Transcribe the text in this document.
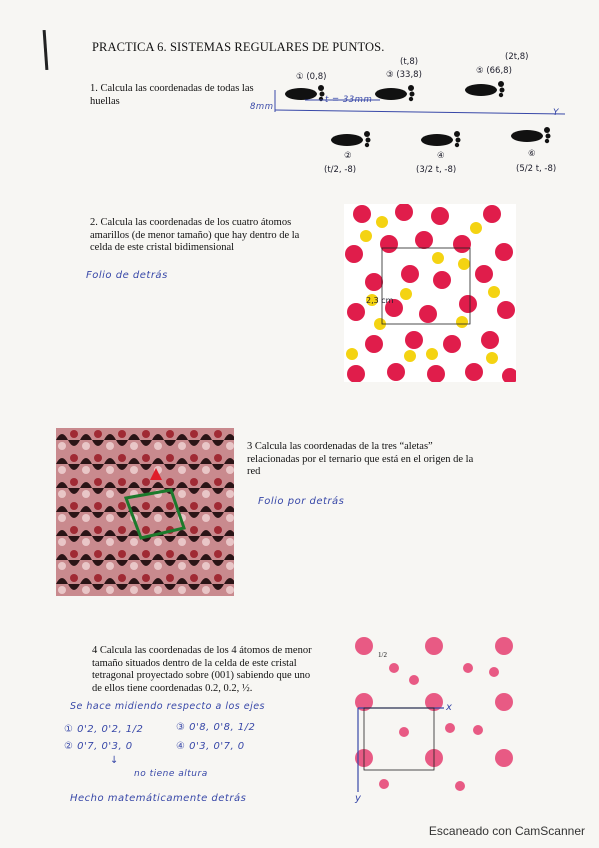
PRACTICA 6. SISTEMAS REGULARES DE PUNTOS.
1. Calcula las coordenadas de todas las
huellas
① (0,8)
(t,8)
③ (33,8)
(2t,8)
⑤ (66,8)
t = 33mm
8mm
Y
②
(t/2, -8)
④
(3/2 t, -8)
⑥
(5/2 t, -8)
2. Calcula las coordenadas de los cuatro átomos
amarillos (de menor tamaño) que hay dentro de la
celda de este cristal bidimensional
Folio de detrás
2,3 cm
3 Calcula las coordenadas de la tres “aletas”
relacionadas por el ternario que está en el origen de la
red
Folio por detrás
4 Calcula las coordenadas de los 4 átomos de menor
tamaño situados dentro de la celda de este cristal
tetragonal proyectado sobre (001) sabiendo que uno
de ellos tiene coordenadas 0.2, 0.2, ½.
Se hace midiendo respecto a los ejes
① 0'2, 0'2, 1/2	③ 0'8, 0'8, 1/2
② 0'7, 0'3, 0	④ 0'3, 0'7, 0
↓
no tiene altura
Hecho matemáticamente detrás
1/2
x
y
Escaneado con CamScanner
